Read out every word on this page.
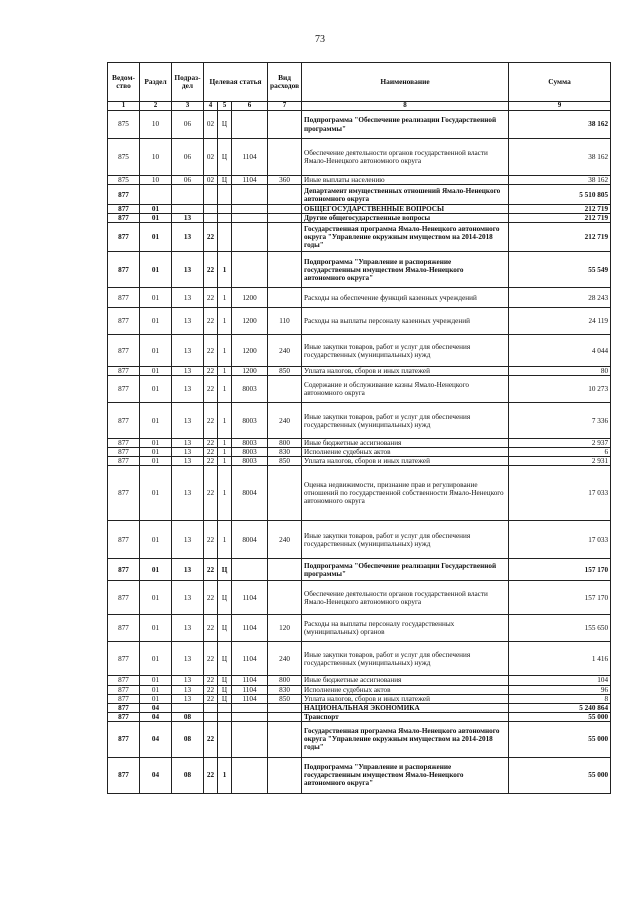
73
Ведом-ство	Раздел	Подраз-дел	Целевая статья			Вид расходов	Наименование	Сумма
1	2	3	4	5	6	7	8	9
875	10	06	02	Ц			Подпрограмма "Обеспечение реализации Государственной программы"	38 162
875	10	06	02	Ц	1104		Обеспечение деятельности органов государственной власти Ямало-Ненецкого автономного округа	38 162
875	10	06	02	Ц	1104	360	Иные выплаты населению	38 162
877							Департамент имущественных отношений Ямало-Ненецкого автономного округа	5 510 805
877	01						ОБЩЕГОСУДАРСТВЕННЫЕ ВОПРОСЫ	212 719
877	01	13					Другие общегосударственные вопросы	212 719
877	01	13	22				Государственная программа Ямало-Ненецкого автономного округа "Управление окружным имуществом на 2014-2018 годы"	212 719
877	01	13	22	1			Подпрограмма "Управление и распоряжение государственным имуществом Ямало-Ненецкого автономного округа"	55 549
877	01	13	22	1	1200		Расходы на обеспечение функций казенных учреждений	28 243
877	01	13	22	1	1200	110	Расходы на выплаты персоналу казенных учреждений	24 119
877	01	13	22	1	1200	240	Иные закупки товаров, работ и услуг для обеспечения государственных (муниципальных) нужд	4 044
877	01	13	22	1	1200	850	Уплата налогов, сборов и иных платежей	80
877	01	13	22	1	8003		Содержание и обслуживание казны Ямало-Ненецкого автономного округа	10 273
877	01	13	22	1	8003	240	Иные закупки товаров, работ и услуг для обеспечения государственных (муниципальных) нужд	7 336
877	01	13	22	1	8003	800	Иные бюджетные ассигнования	2 937
877	01	13	22	1	8003	830	Исполнение судебных актов	6
877	01	13	22	1	8003	850	Уплата налогов, сборов и иных платежей	2 931
877	01	13	22	1	8004		Оценка недвижимости, признание прав и регулирование отношений по государственной собственности Ямало-Ненецкого автономного округа	17 033
877	01	13	22	1	8004	240	Иные закупки товаров, работ и услуг для обеспечения государственных (муниципальных) нужд	17 033
877	01	13	22	Ц			Подпрограмма "Обеспечение реализации Государственной программы"	157 170
877	01	13	22	Ц	1104		Обеспечение деятельности органов государственной власти Ямало-Ненецкого автономного округа	157 170
877	01	13	22	Ц	1104	120	Расходы на выплаты персоналу государственных (муниципальных) органов	155 650
877	01	13	22	Ц	1104	240	Иные закупки товаров, работ и услуг для обеспечения государственных (муниципальных) нужд	1 416
877	01	13	22	Ц	1104	800	Иные бюджетные ассигнования	104
877	01	13	22	Ц	1104	830	Исполнение судебных актов	96
877	01	13	22	Ц	1104	850	Уплата налогов, сборов и иных платежей	8
877	04						НАЦИОНАЛЬНАЯ ЭКОНОМИКА	5 240 864
877	04	08					Транспорт	55 000
877	04	08	22				Государственная программа Ямало-Ненецкого автономного округа "Управление окружным имуществом на 2014-2018 годы"	55 000
877	04	08	22	1			Подпрограмма "Управление и распоряжение государственным имуществом Ямало-Ненецкого автономного округа"	55 000
